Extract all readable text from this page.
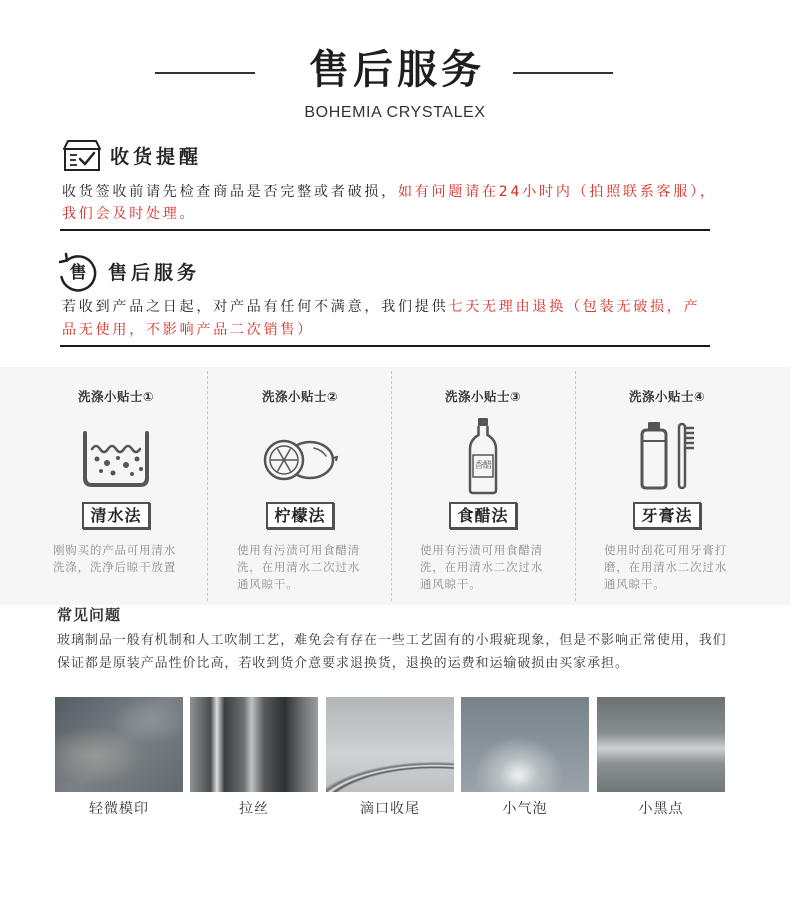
售后服务
BOHEMIA CRYSTALEX
收货提醒
收货签收前请先检查商品是否完整或者破损，如有问题请在24小时内（拍照联系客服），
我们会及时处理。
售	售后服务
若收到产品之日起，对产品有任何不满意，我们提供七天无理由退换（包装无破损，产
品无使用，不影响产品二次销售）
洗涤小贴士①
清水法
刚购买的产品可用清水
洗涤，洗净后晾干放置
洗涤小贴士②
柠檬法
使用有污渍可用食醋清
洗，在用清水二次过水
通风晾干。
洗涤小贴士③
香醋
食醋法
使用有污渍可用食醋清
洗，在用清水二次过水
通风晾干。
洗涤小贴士④
牙膏法
使用时刮花可用牙膏打
磨，在用清水二次过水
通风晾干。
常见问题
玻璃制品一般有机制和人工吹制工艺，难免会有存在一些工艺固有的小瑕疵现象，但是不影响正常使用，我们
保证都是原装产品性价比高，若收到货介意要求退换货，退换的运费和运输破损由买家承担。
轻微模印	拉丝	滴口收尾	小气泡	小黑点
